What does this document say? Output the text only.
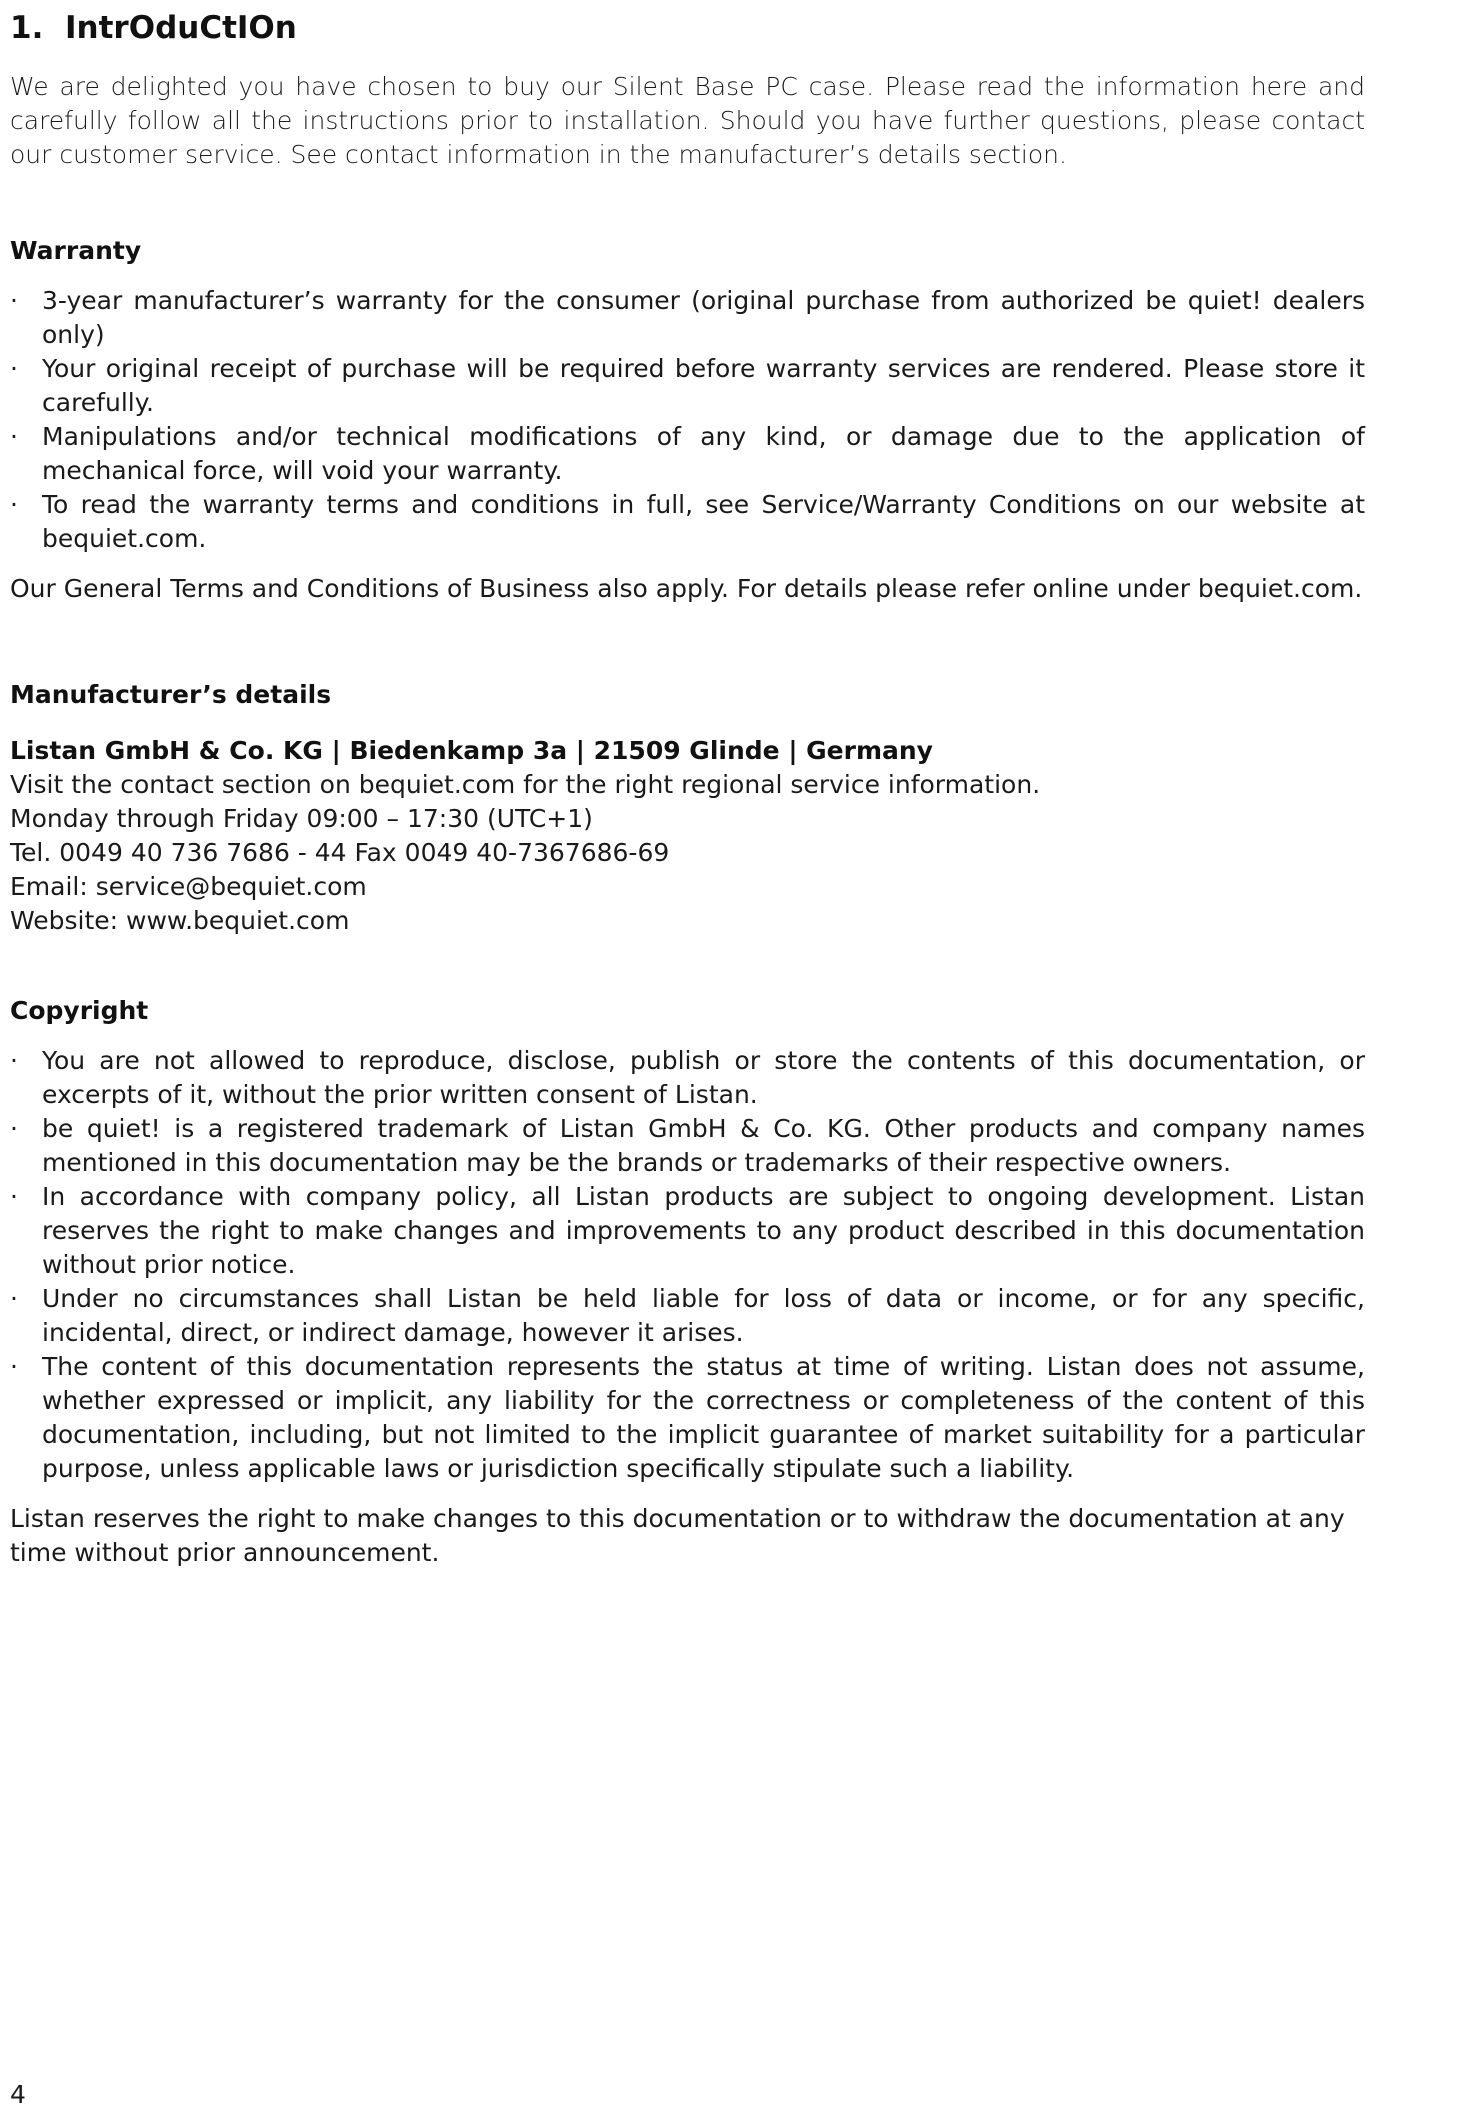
1. IntrOduCtIOn

We are delighted you have chosen to buy our Silent Base PC case. Please read the information here and carefully follow all the instructions prior to installation. Should you have further questions, please contact our customer service. See contact information in the manufacturer’s details section.

Warranty

· 3-year manufacturer’s warranty for the consumer (original purchase from authorized be quiet! dealers only)
· Your original receipt of purchase will be required before warranty services are rendered. Please store it carefully.
· Manipulations and/or technical modifications of any kind, or damage due to the application of mechanical force, will void your warranty.
· To read the warranty terms and conditions in full, see Service/Warranty Conditions on our website at bequiet.com.

Our General Terms and Conditions of Business also apply. For details please refer online under bequiet.com.

Manufacturer’s details

Listan GmbH & Co. KG | Biedenkamp 3a | 21509 Glinde | Germany

Visit the contact section on bequiet.com for the right regional service information.

Monday through Friday 09:00 – 17:30 (UTC+1)

Tel. 0049 40 736 7686 - 44 Fax 0049 40-7367686-69

Email: service@bequiet.com

Website: www.bequiet.com

Copyright

· You are not allowed to reproduce, disclose, publish or store the contents of this documentation, or excerpts of it, without the prior written consent of Listan.
· be quiet! is a registered trademark of Listan GmbH & Co. KG. Other products and company names mentioned in this documentation may be the brands or trademarks of their respective owners.
· In accordance with company policy, all Listan products are subject to ongoing development. Listan reserves the right to make changes and improvements to any product described in this documentation without prior notice.
· Under no circumstances shall Listan be held liable for loss of data or income, or for any specific, incidental, direct, or indirect damage, however it arises.
· The content of this documentation represents the status at time of writing. Listan does not assume, whether expressed or implicit, any liability for the correctness or completeness of the content of this documentation, including, but not limited to the implicit guarantee of market suitability for a particular purpose, unless applicable laws or jurisdiction specifically stipulate such a liability.

Listan reserves the right to make changes to this documentation or to withdraw the documentation at any time without prior announcement.

4
